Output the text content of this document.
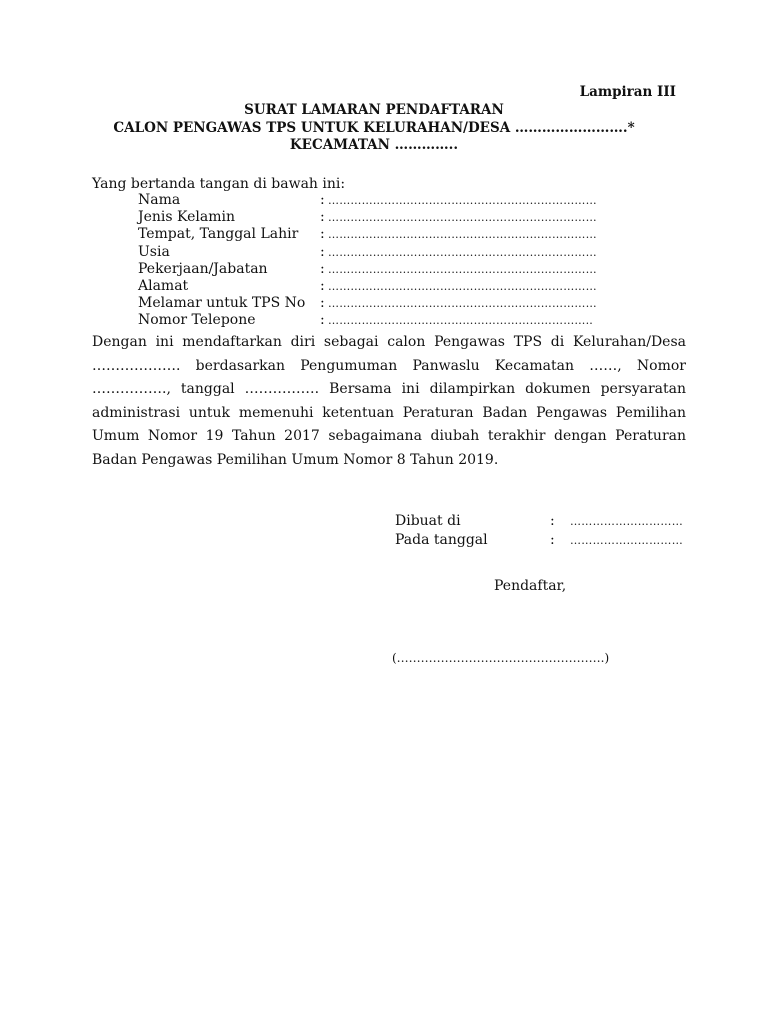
Lampiran III
SURAT LAMARAN PENDAFTARAN
CALON PENGAWAS TPS UNTUK KELURAHAN/DESA …………………….*
KECAMATAN …………..
Yang bertanda tangan di bawah ini:
Nama	: ………………………………………………………………
Jenis Kelamin	: ………………………………………………………………
Tempat, Tanggal Lahir	: ………………………………………………………………
Usia	: ………………………………………………………………
Pekerjaan/Jabatan	: ………………………………………………………………
Alamat	: ………………………………………………………………
Melamar untuk TPS No	: ………………………………………………………………
Nomor Telepone	: ……………………………………………………………..
Dengan ini mendaftarkan diri sebagai calon Pengawas TPS di Kelurahan/Desa ………………. berdasarkan Pengumuman Panwaslu Kecamatan ……, Nomor ……………., tanggal ……………. Bersama ini dilampirkan dokumen persyaratan administrasi untuk memenuhi ketentuan Peraturan Badan Pengawas Pemilihan Umum Nomor 19 Tahun 2017 sebagaimana diubah terakhir dengan Peraturan Badan Pengawas Pemilihan Umum Nomor 8 Tahun 2019.
Dibuat di	:	…………………………
Pada tanggal	:	…………………………
Pendaftar,
(…………………………………………….)
